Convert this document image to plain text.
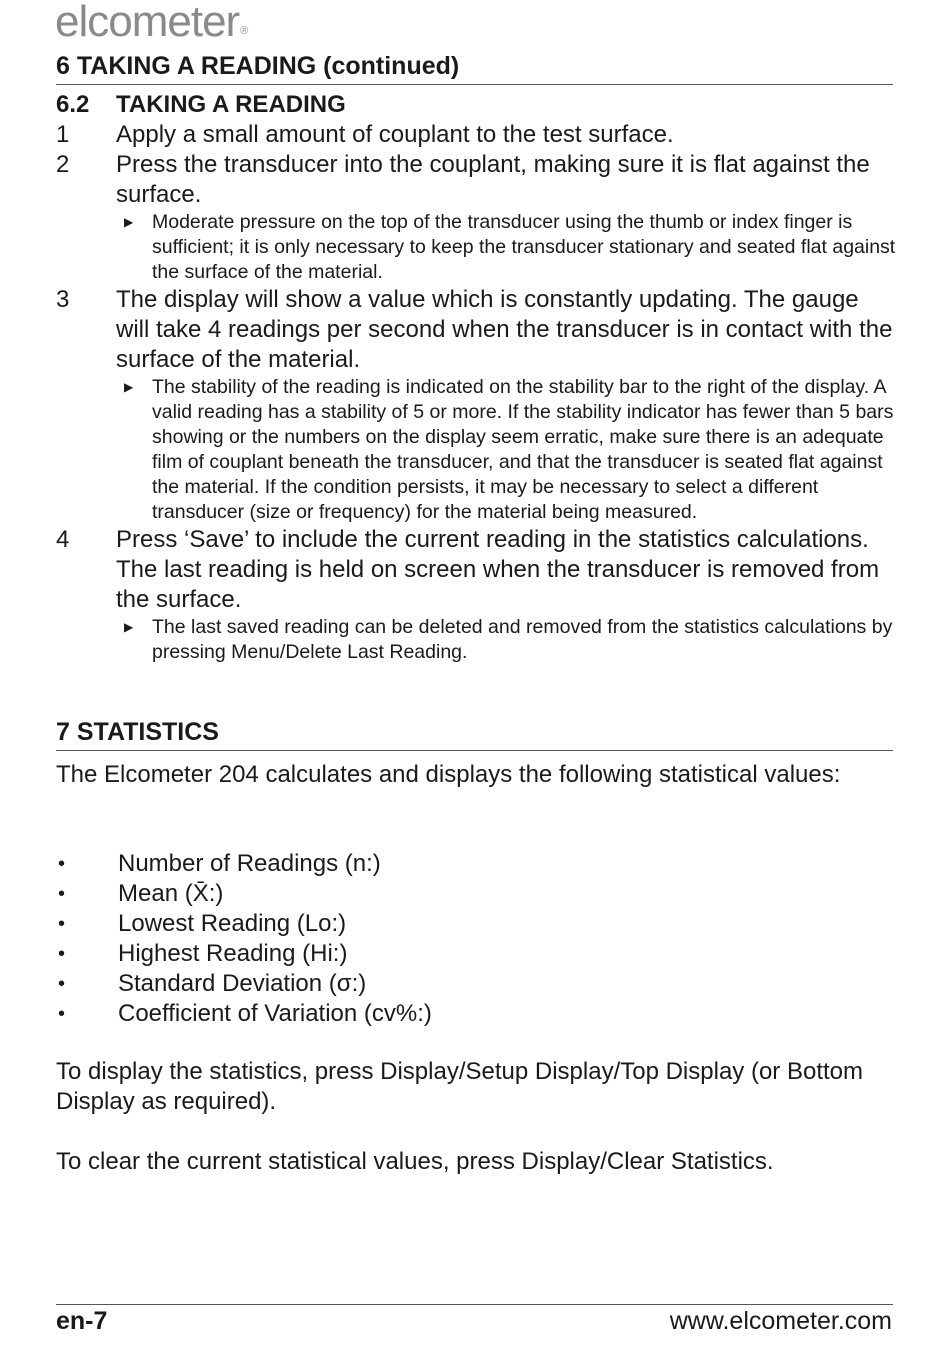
elcometer®
6 TAKING A READING (continued)
6.2	TAKING A READING
1	Apply a small amount of couplant to the test surface.
2	Press the transducer into the couplant, making sure it is flat against the surface.
▶ Moderate pressure on the top of the transducer using the thumb or index finger is sufficient; it is only necessary to keep the transducer stationary and seated flat against the surface of the material.
3	The display will show a value which is constantly updating. The gauge will take 4 readings per second when the transducer is in contact with the surface of the material.
▶ The stability of the reading is indicated on the stability bar to the right of the display. A valid reading has a stability of 5 or more. If the stability indicator has fewer than 5 bars showing or the numbers on the display seem erratic, make sure there is an adequate film of couplant beneath the transducer, and that the transducer is seated flat against the material. If the condition persists, it may be necessary to select a different transducer (size or frequency) for the material being measured.
4	Press ‘Save’ to include the current reading in the statistics calculations. The last reading is held on screen when the transducer is removed from the surface.
▶ The last saved reading can be deleted and removed from the statistics calculations by pressing Menu/Delete Last Reading.
7 STATISTICS
The Elcometer 204 calculates and displays the following statistical values:
•	Number of Readings (n:)
•	Mean (X̄:)
•	Lowest Reading (Lo:)
•	Highest Reading (Hi:)
•	Standard Deviation (σ:)
•	Coefficient of Variation (cv%:)
To display the statistics, press Display/Setup Display/Top Display (or Bottom Display as required).
To clear the current statistical values, press Display/Clear Statistics.
en-7	www.elcometer.com
